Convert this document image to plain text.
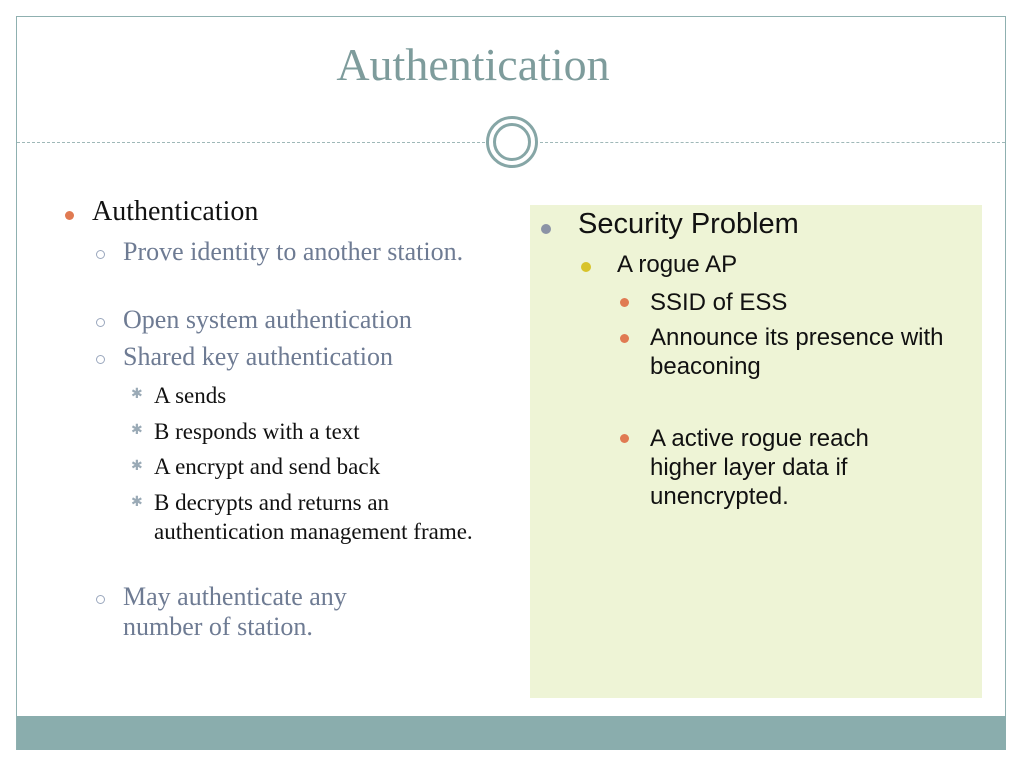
Authentication
Authentication
Prove identity to another station.
Open system authentication
Shared key authentication
✱ A sends
✱ B responds with a text
✱ A encrypt and send back
✱ B decrypts and returns an authentication management frame.
May authenticate any number of station.
Security Problem
A rogue AP
SSID of ESS
Announce its presence with beaconing
A active rogue reach higher layer data if unencrypted.
